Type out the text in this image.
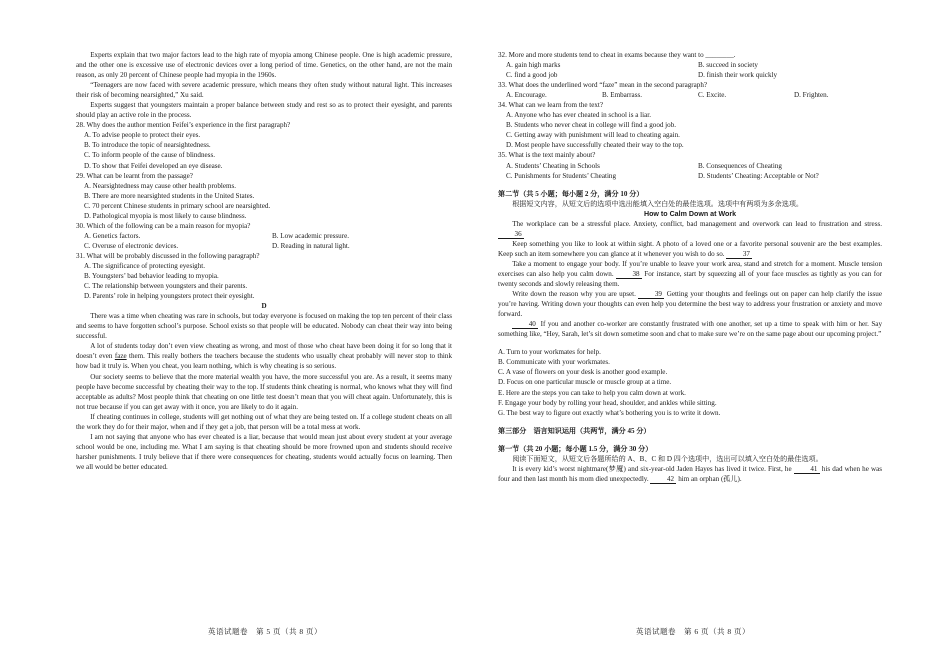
Experts explain that two major factors lead to the high rate of myopia among Chinese people. One is high academic pressure, and the other one is excessive use of electronic devices over a long period of time. Genetics, on the other hand, are not the main reason, as only 20 percent of Chinese people had myopia in the 1960s.

“Teenagers are now faced with severe academic pressure, which means they often study without natural light. This increases their risk of becoming nearsighted,” Xu said.

Experts suggest that youngsters maintain a proper balance between study and rest so as to protect their eyesight, and parents should play an active role in the process.

28. Why does the author mention Feifei’s experience in the first paragraph?

A. To advise people to protect their eyes.

B. To introduce the topic of nearsightedness.

C. To inform people of the cause of blindness.

D. To show that Feifei developed an eye disease.

29. What can be learnt from the passage?

A. Nearsightedness may cause other health problems.

B. There are more nearsighted students in the United States.

C. 70 percent Chinese students in primary school are nearsighted.

D. Pathological myopia is most likely to cause blindness.

30. Which of the following can be a main reason for myopia?

A. Genetics factors.	B. Low academic pressure.
C. Overuse of electronic devices.	D. Reading in natural light.

31. What will be probably discussed in the following paragraph?

A. The significance of protecting eyesight.

B. Youngsters’ bad behavior leading to myopia.

C. The relationship between youngsters and their parents.

D. Parents’ role in helping youngsters protect their eyesight.

D

There was a time when cheating was rare in schools, but today everyone is focused on making the top ten percent of their class and seems to have forgotten school’s purpose. School exists so that people will be educated. Nobody can cheat their way into being successful.

A lot of students today don’t even view cheating as wrong, and most of those who cheat have been doing it for so long that it doesn’t even faze them. This really bothers the teachers because the students who usually cheat probably will never stop to think how bad it truly is. When you cheat, you learn nothing, which is why cheating is so serious.

Our society seems to believe that the more material wealth you have, the more successful you are. As a result, it seems many people have become successful by cheating their way to the top. If students think cheating is normal, who knows what they will find acceptable as adults? Most people think that cheating on one little test doesn’t mean that you will cheat again. Unfortunately, this is not true because if you can get away with it once, you are likely to do it again.

If cheating continues in college, students will get nothing out of what they are being tested on. If a college student cheats on all the work they do for their major, when and if they get a job, that person will be a total mess at work.

I am not saying that anyone who has ever cheated is a liar, because that would mean just about every student at your average school would be one, including me. What I am saying is that cheating should be more frowned upon and students should receive harsher punishments. I truly believe that if there were consequences for cheating, students would actually focus on learning. Then we all would be better educated.

32. More and more students tend to cheat in exams because they want to ________.

A. gain high marks	B. succeed in society
C. find a good job	D. finish their work quickly

33. What does the underlined word “faze” mean in the second paragraph?

A. Encourage.	B. Embarrass.	C. Excite.	D. Frighten.

34. What can we learn from the text?

A. Anyone who has ever cheated in school is a liar.

B. Students who never cheat in college will find a good job.

C. Getting away with punishment will lead to cheating again.

D. Most people have successfully cheated their way to the top.

35. What is the text mainly about?

A. Students’ Cheating in Schools	B. Consequences of Cheating
C. Punishments for Students’ Cheating	D. Students’ Cheating: Acceptable or Not?

第二节（共 5 小题；每小题 2 分，满分 10 分）

根据短文内容，从短文后的选项中选出能填入空白处的最佳选项。选项中有两项为多余选项。

How to Calm Down at Work

The workplace can be a stressful place. Anxiety, conflict, bad management and overwork can lead to frustration and stress. 36

Keep something you like to look at within sight. A photo of a loved one or a favorite personal souvenir are the best examples. Keep such an item somewhere you can glance at it whenever you wish to do so. 37

Take a moment to engage your body. If you’re unable to leave your work area, stand and stretch for a moment. Muscle tension exercises can also help you calm down. 38 For instance, start by squeezing all of your face muscles as tightly as you can for twenty seconds and slowly releasing them.

Write down the reason why you are upset. 39 Getting your thoughts and feelings out on paper can help clarify the issue you’re having. Writing down your thoughts can even help you determine the best way to address your frustration or anxiety and move forward.

40 If you and another co-worker are constantly frustrated with one another, set up a time to speak with him or her. Say something like, “Hey, Sarah, let’s sit down sometime soon and chat to make sure we’re on the same page about our upcoming project.”

A. Turn to your workmates for help.

B. Communicate with your workmates.

C. A vase of flowers on your desk is another good example.

D. Focus on one particular muscle or muscle group at a time.

E. Here are the steps you can take to help you calm down at work.

F. Engage your body by rolling your head, shoulder, and ankles while sitting.

G. The best way to figure out exactly what’s bothering you is to write it down.

第三部分　语言知识运用（共两节，满分 45 分）

第一节（共 20 小题；每小题 1.5 分，满分 30 分）

阅读下面短文，从短文后各题所给的 A、B、C 和 D 四个选项中，选出可以填入空白处的最佳选项。

It is every kid’s worst nightmare(梦魇) and six-year-old Jaden Hayes has lived it twice. First, he 41 his dad when he was four and then last month his mom died unexpectedly. 42 him an orphan (孤儿).

英语试题卷　第 5 页（共 8 页）	英语试题卷　第 6 页（共 8 页）
